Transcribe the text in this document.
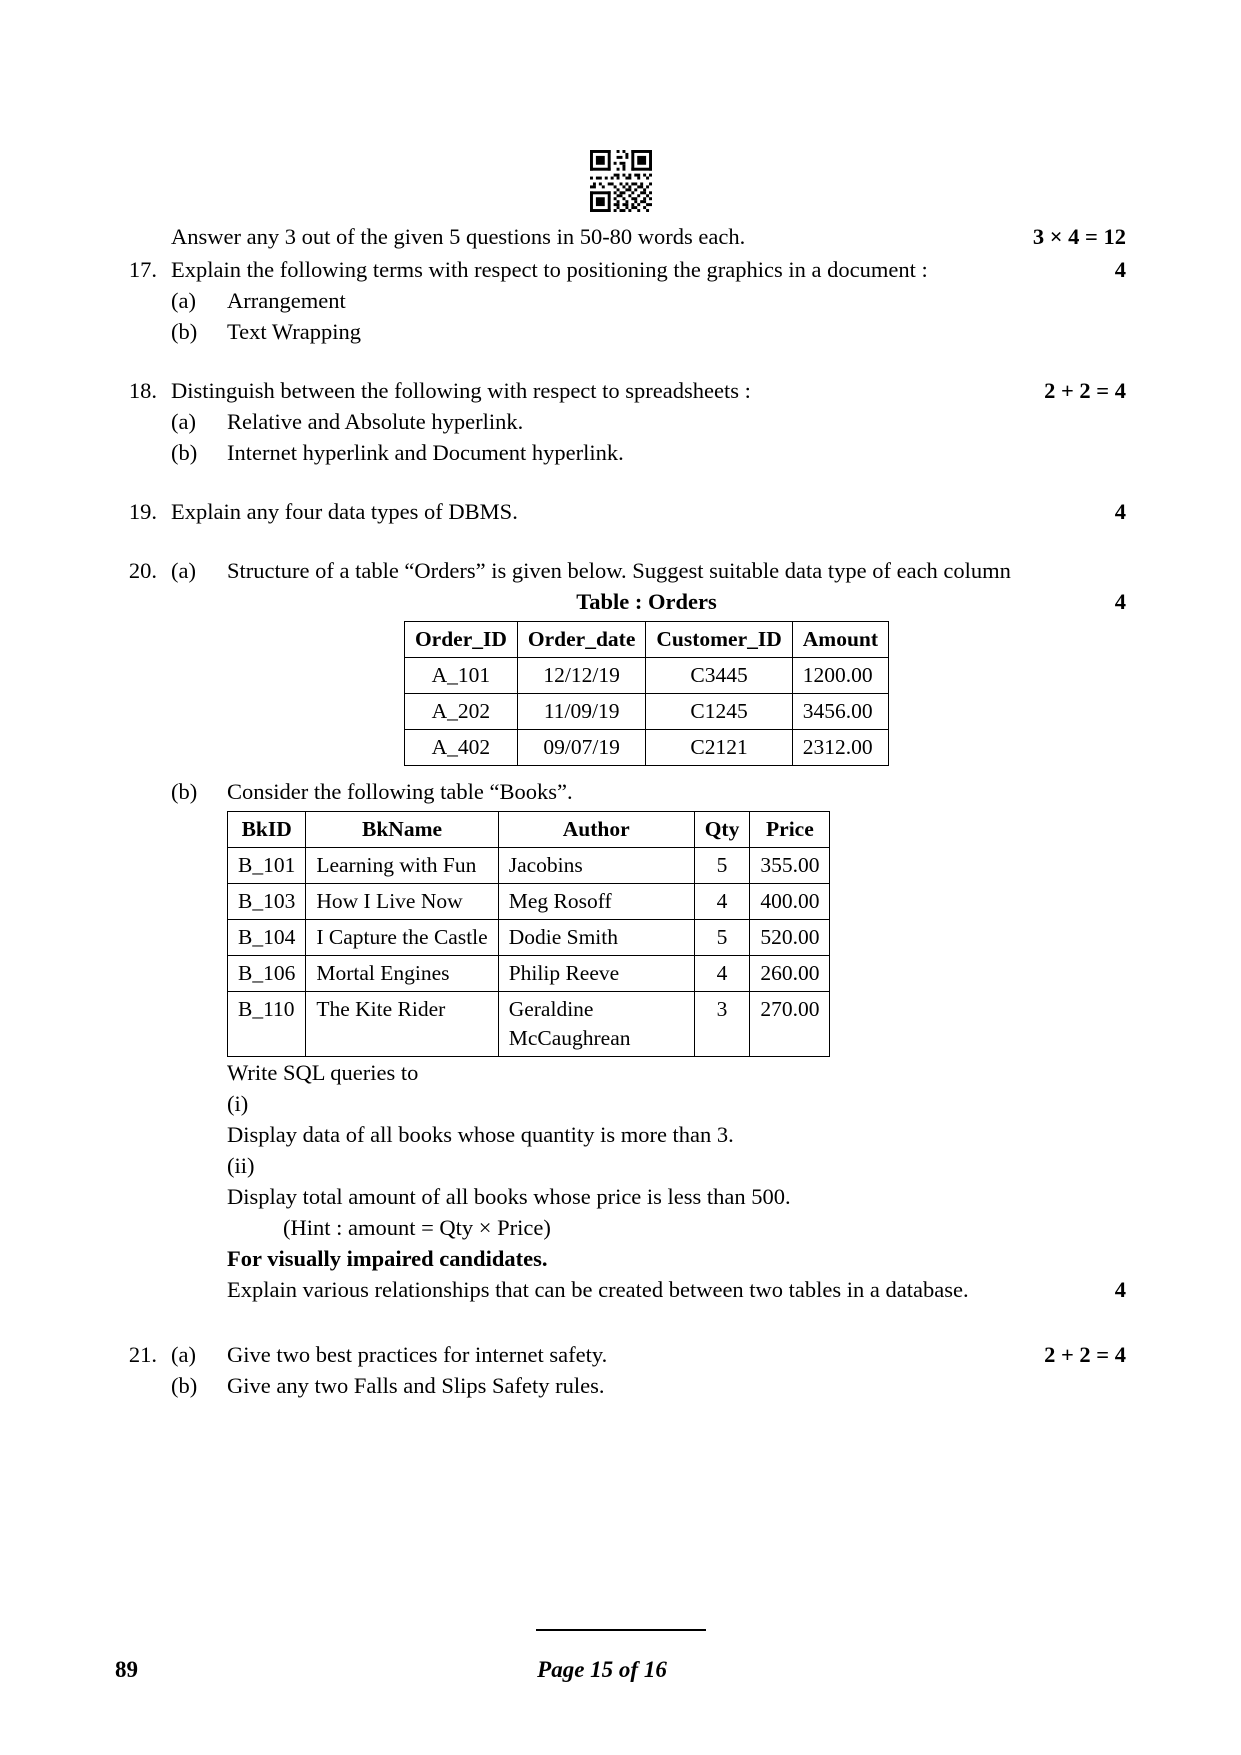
Answer any 3 out of the given 5 questions in 50-80 words each.	3 × 4 = 12
17. Explain the following terms with respect to positioning the graphics in a document :	4
(a)	Arrangement
(b)	Text Wrapping
18. Distinguish between the following with respect to spreadsheets :	2 + 2 = 4
(a)	Relative and Absolute hyperlink.
(b)	Internet hyperlink and Document hyperlink.
19. Explain any four data types of DBMS.	4
20. (a)	Structure of a table “Orders” is given below. Suggest suitable data type of each column
Table : Orders
Order_ID	Order_date	Customer_ID	Amount
A_101	12/12/19	C3445	1200.00
A_202	11/09/19	C1245	3456.00
A_402	09/07/19	C2121	2312.00
4
(b)	Consider the following table “Books”.
BkID	BkName	Author	Qty	Price
B_101	Learning with Fun	Jacobins	5	355.00
B_103	How I Live Now	Meg Rosoff	4	400.00
B_104	I Capture the Castle	Dodie Smith	5	520.00
B_106	Mortal Engines	Philip Reeve	4	260.00
B_110	The Kite Rider	Geraldine McCaughrean	3	270.00
Write SQL queries to
(i)
Display data of all books whose quantity is more than 3.
(ii)
Display total amount of all books whose price is less than 500.
(Hint : amount = Qty × Price)
For visually impaired candidates.
Explain various relationships that can be created between two tables in a database.	4
21. (a)	Give two best practices for internet safety.	2 + 2 = 4
(b)	Give any two Falls and Slips Safety rules.
89	Page 15 of 16
